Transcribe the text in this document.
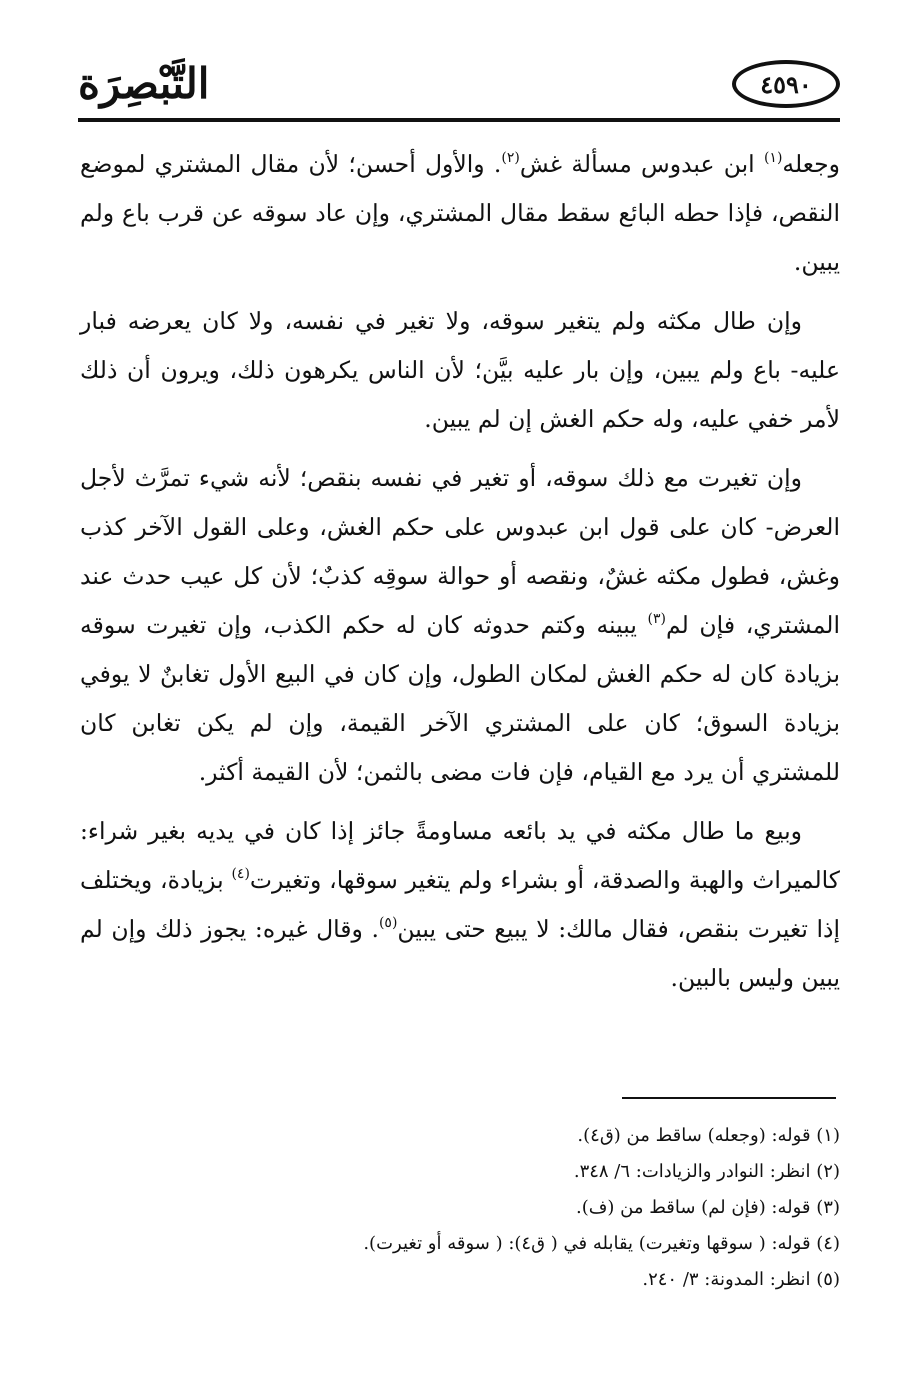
التَّبْصِرَة	٤٥٩٠

وجعله$^{(١)}$ ابن عبدوس مسألة غش$^{(٢)}$. والأول أحسن؛ لأن مقال المشتري لموضع النقص، فإذا حطه البائع سقط مقال المشتري، وإن عاد سوقه عن قرب باع ولم يبين.

وإن طال مكثه ولم يتغير سوقه، ولا تغير في نفسه، ولا كان يعرضه فبار عليه- باع ولم يبين، وإن بار عليه بيَّن؛ لأن الناس يكرهون ذلك، ويرون أن ذلك لأمر خفي عليه، وله حكم الغش إن لم يبين.

وإن تغيرت مع ذلك سوقه، أو تغير في نفسه بنقص؛ لأنه شيء تمرَّث لأجل العرض- كان على قول ابن عبدوس على حكم الغش، وعلى القول الآخر كذب وغش، فطول مكثه غشٌ، ونقصه أو حوالة سوقِه كذبٌ؛ لأن كل عيب حدث عند المشتري، فإن لم$^{(٣)}$ يبينه وكتم حدوثه كان له حكم الكذب، وإن تغيرت سوقه بزيادة كان له حكم الغش لمكان الطول، وإن كان في البيع الأول تغابنٌ لا يوفي بزيادة السوق؛ كان على المشتري الآخر القيمة، وإن لم يكن تغابن كان للمشتري أن يرد مع القيام، فإن فات مضى بالثمن؛ لأن القيمة أكثر.

وبيع ما طال مكثه في يد بائعه مساومةً جائز إذا كان في يديه بغير شراء: كالميراث والهبة والصدقة، أو بشراء ولم يتغير سوقها، وتغيرت$^{(٤)}$ بزيادة، ويختلف إذا تغيرت بنقص، فقال مالك: لا يبيع حتى يبين$^{(٥)}$. وقال غيره: يجوز ذلك وإن لم يبين وليس بالبين.

(١) قوله: (وجعله) ساقط من (ق٤).
(٢) انظر: النوادر والزيادات: ٦/ ٣٤٨.
(٣) قوله: (فإن لم) ساقط من (ف).
(٤) قوله: ( سوقها وتغيرت) يقابله في ( ق٤): ( سوقه أو تغيرت).
(٥) انظر: المدونة: ٣/ ٢٤٠.
